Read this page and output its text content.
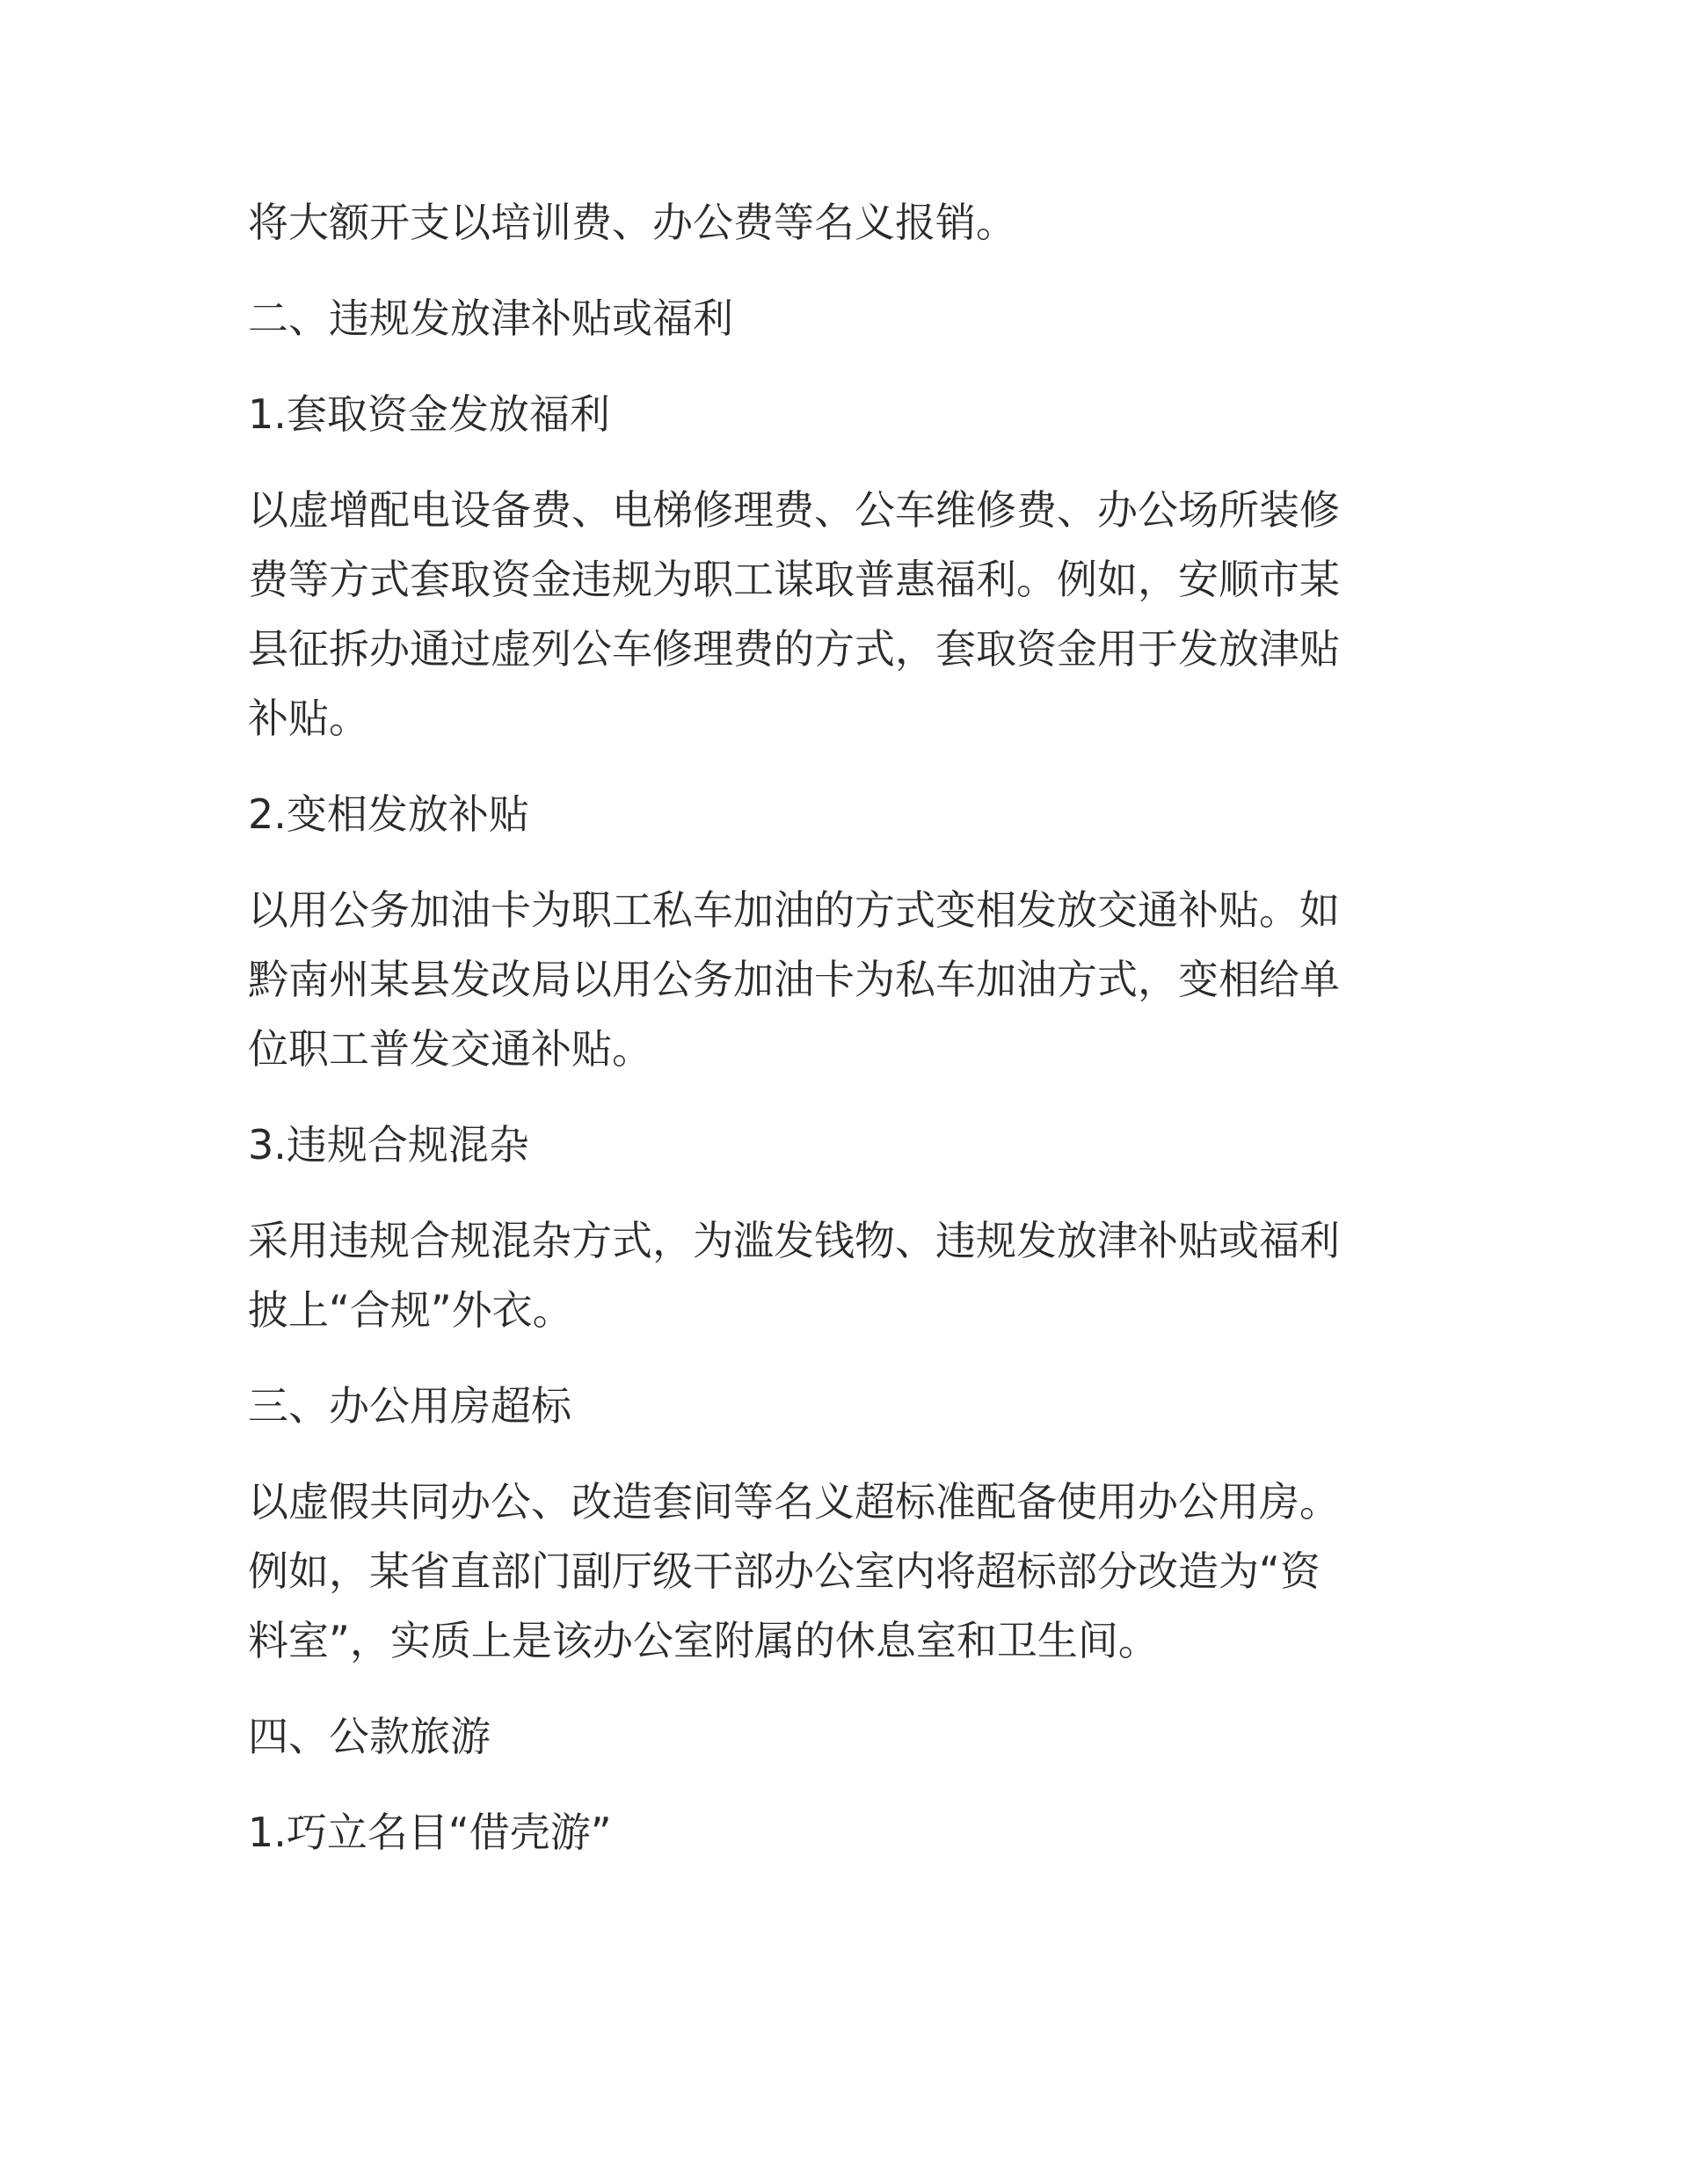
将大额开支以培训费、办公费等名义报销。

二、违规发放津补贴或福利

1.套取资金发放福利

以虚增配电设备费、电梯修理费、公车维修费、办公场所装修
费等方式套取资金违规为职工谋取普惠福利。例如，安顺市某
县征拆办通过虚列公车修理费的方式，套取资金用于发放津贴
补贴。

2.变相发放补贴

以用公务加油卡为职工私车加油的方式变相发放交通补贴。如
黔南州某县发改局以用公务加油卡为私车加油方式，变相给单
位职工普发交通补贴。

3.违规合规混杂

采用违规合规混杂方式，为滥发钱物、违规发放津补贴或福利
披上“合规”外衣。

三、办公用房超标

以虚假共同办公、改造套间等名义超标准配备使用办公用房。
例如，某省直部门副厅级干部办公室内将超标部分改造为“资
料室”，实质上是该办公室附属的休息室和卫生间。

四、公款旅游

1.巧立名目“借壳游”
